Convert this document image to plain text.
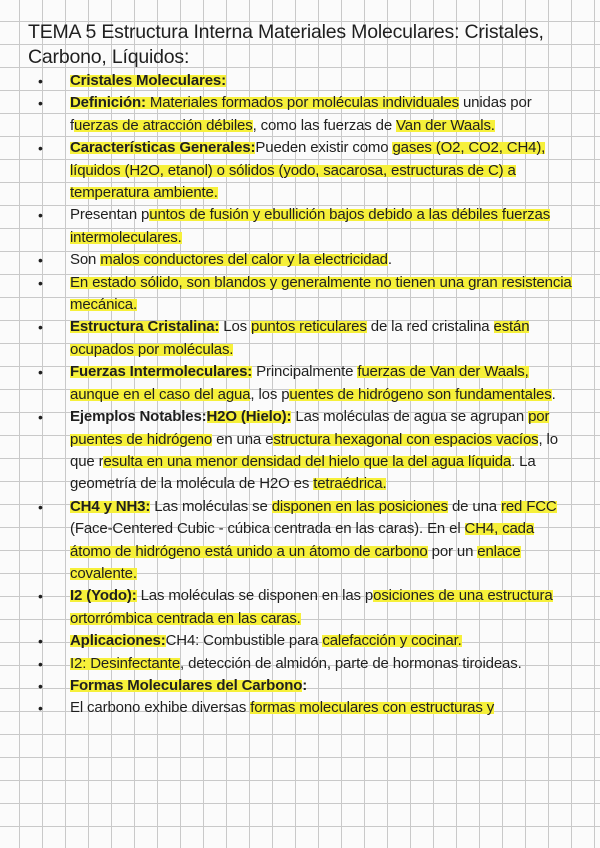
TEMA 5 Estructura Interna Materiales Moleculares: Cristales, Carbono, Líquidos:
• Cristales Moleculares:
• Definición: Materiales formados por moléculas individuales unidas por fuerzas de atracción débiles, como las fuerzas de Van der Waals.
• Características Generales:Pueden existir como gases (O2, CO2, CH4), líquidos (H2O, etanol) o sólidos (yodo, sacarosa, estructuras de C) a temperatura ambiente.
• Presentan puntos de fusión y ebullición bajos debido a las débiles fuerzas intermoleculares.
• Son malos conductores del calor y la electricidad.
• En estado sólido, son blandos y generalmente no tienen una gran resistencia mecánica.
• Estructura Cristalina: Los puntos reticulares de la red cristalina están ocupados por moléculas.
• Fuerzas Intermoleculares: Principalmente fuerzas de Van der Waals, aunque en el caso del agua, los puentes de hidrógeno son fundamentales.
• Ejemplos Notables:H2O (Hielo): Las moléculas de agua se agrupan por puentes de hidrógeno en una estructura hexagonal con espacios vacíos, lo que resulta en una menor densidad del hielo que la del agua líquida. La geometría de la molécula de H2O es tetraédrica.
• CH4 y NH3: Las moléculas se disponen en las posiciones de una red FCC (Face-Centered Cubic - cúbica centrada en las caras). En el CH4, cada átomo de hidrógeno está unido a un átomo de carbono por un enlace covalente.
• I2 (Yodo): Las moléculas se disponen en las posiciones de una estructura ortorrómbica centrada en las caras.
• Aplicaciones:CH4: Combustible para calefacción y cocinar.
• I2: Desinfectante, detección de almidón, parte de hormonas tiroideas.
• Formas Moleculares del Carbono:
• El carbono exhibe diversas formas moleculares con estructuras y
